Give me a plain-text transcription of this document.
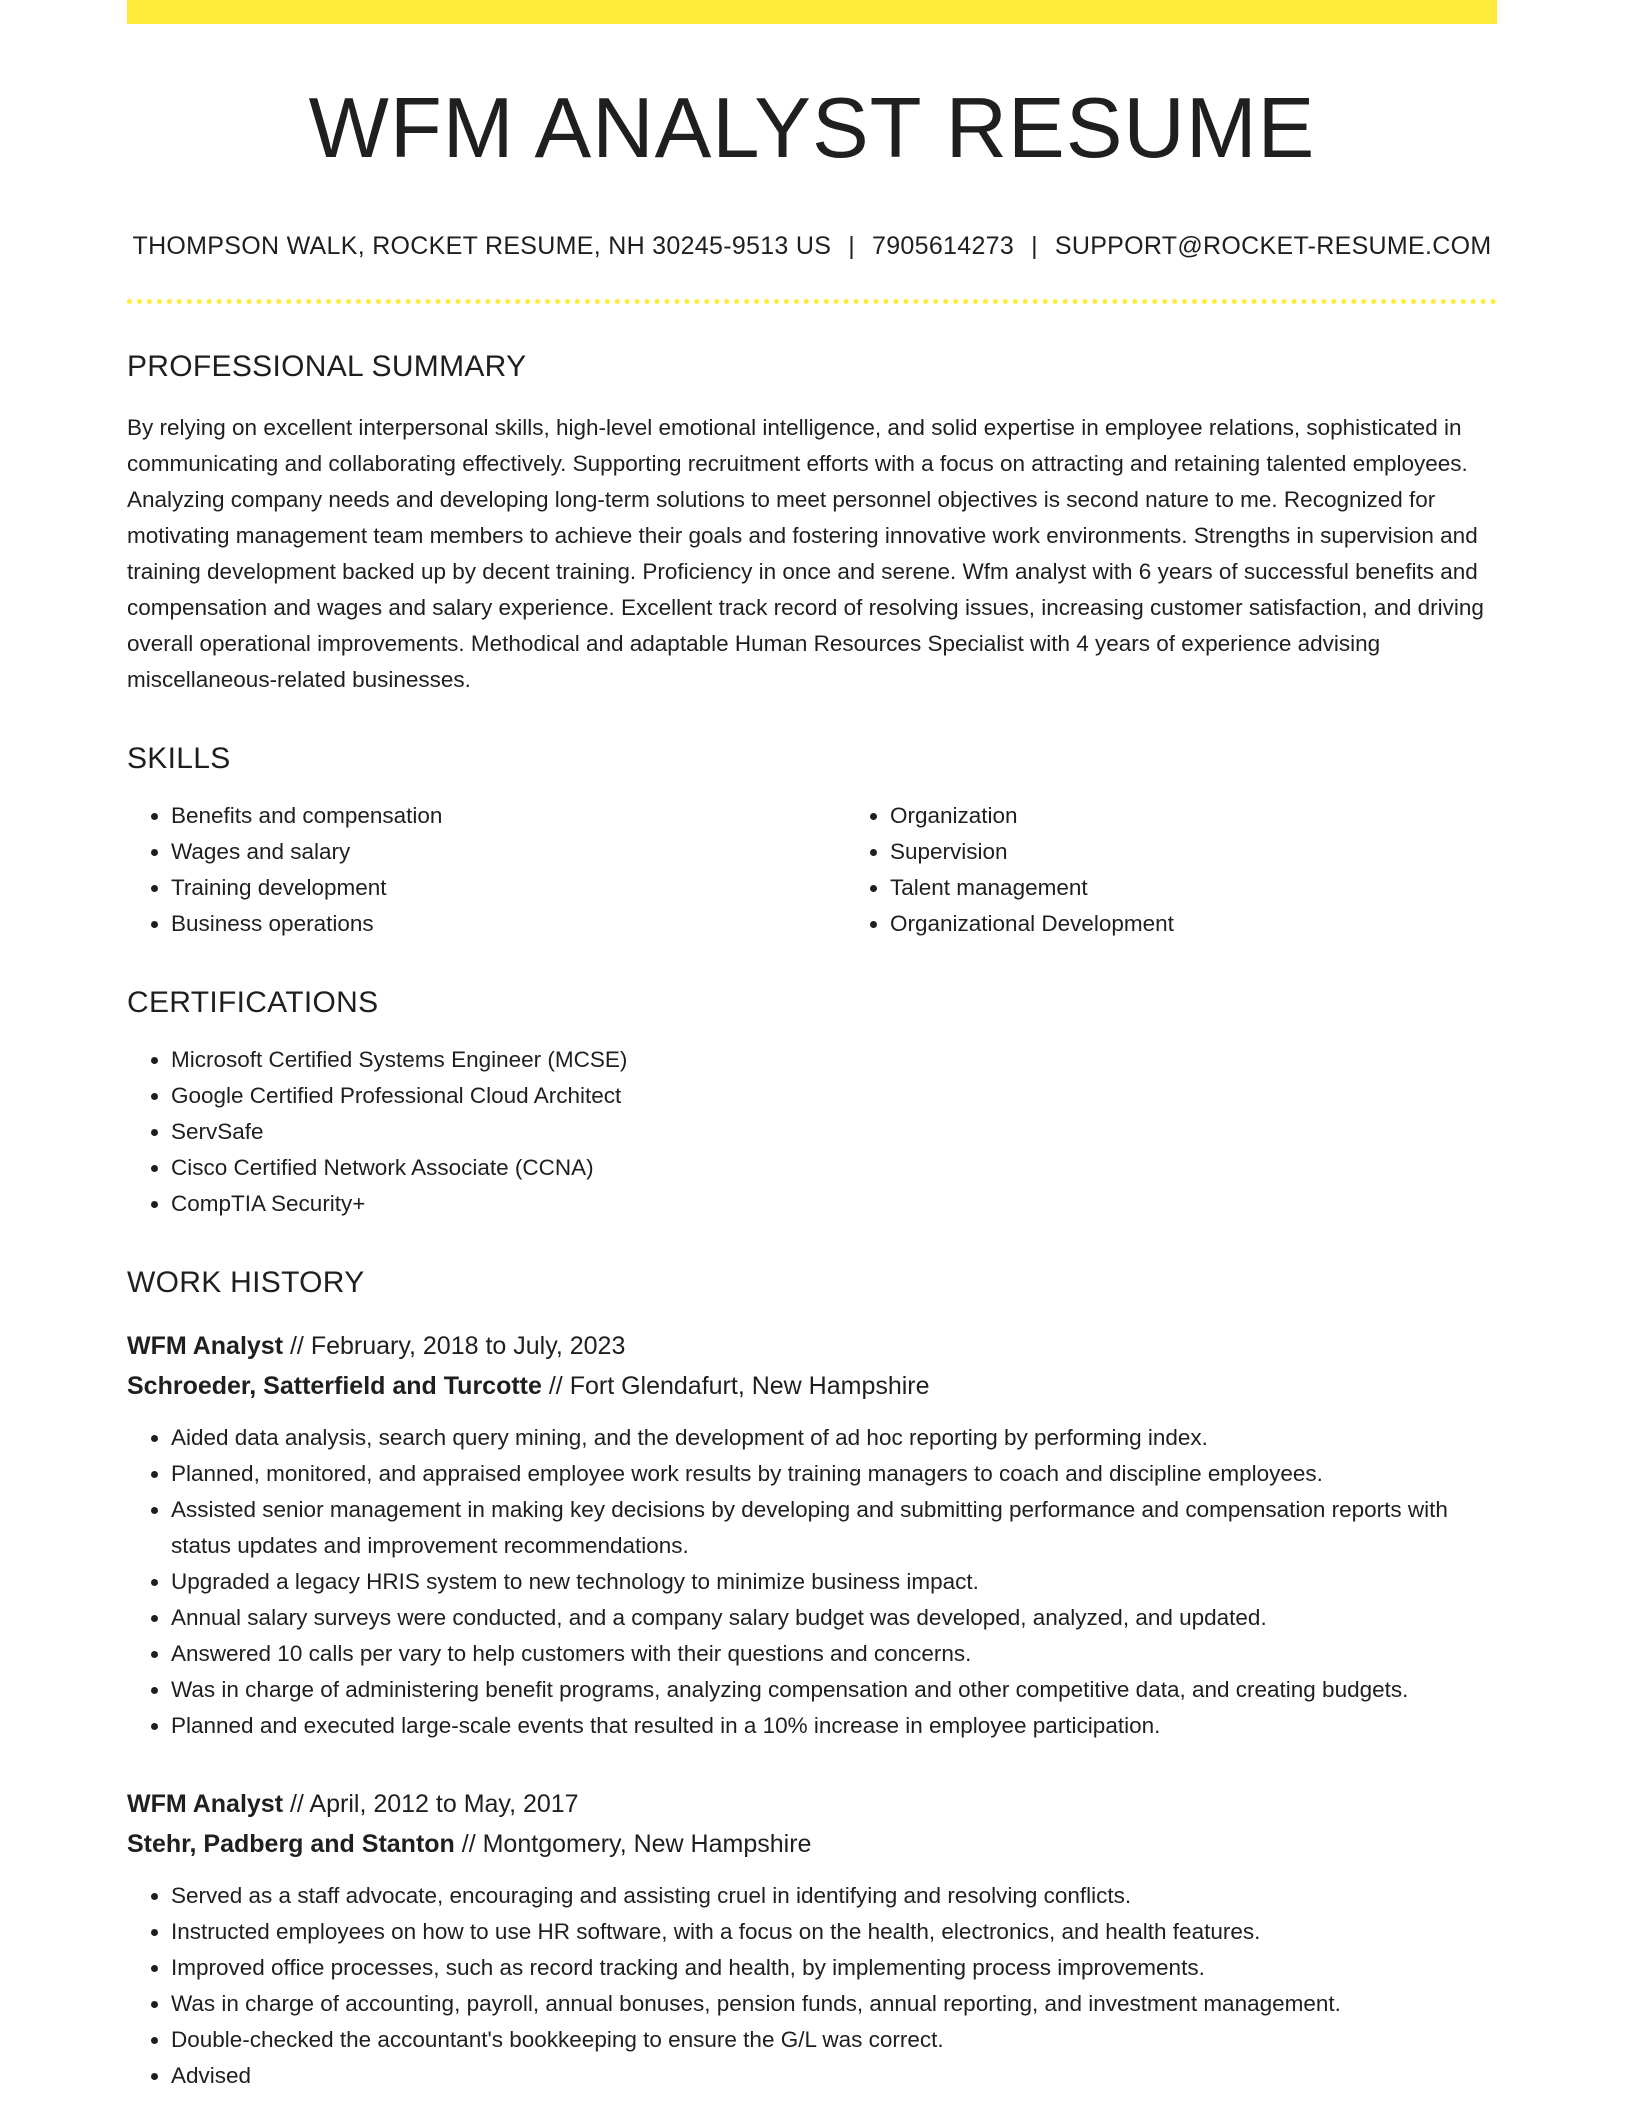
WFM ANALYST RESUME
THOMPSON WALK, ROCKET RESUME, NH 30245-9513 US | 7905614273 | SUPPORT@ROCKET-RESUME.COM
PROFESSIONAL SUMMARY

By relying on excellent interpersonal skills, high-level emotional intelligence, and solid expertise in employee relations, sophisticated in communicating and collaborating effectively. Supporting recruitment efforts with a focus on attracting and retaining talented employees. Analyzing company needs and developing long-term solutions to meet personnel objectives is second nature to me. Recognized for motivating management team members to achieve their goals and fostering innovative work environments. Strengths in supervision and training development backed up by decent training. Proficiency in once and serene. Wfm analyst with 6 years of successful benefits and compensation and wages and salary experience. Excellent track record of resolving issues, increasing customer satisfaction, and driving overall operational improvements. Methodical and adaptable Human Resources Specialist with 4 years of experience advising miscellaneous-related businesses.

SKILLS
• Benefits and compensation
• Wages and salary
• Training development
• Business operations
• Organization
• Supervision
• Talent management
• Organizational Development
CERTIFICATIONS
• Microsoft Certified Systems Engineer (MCSE)
• Google Certified Professional Cloud Architect
• ServSafe
• Cisco Certified Network Associate (CCNA)
• CompTIA Security+
WORK HISTORY
WFM Analyst // February, 2018 to July, 2023
Schroeder, Satterfield and Turcotte // Fort Glendafurt, New Hampshire
• Aided data analysis, search query mining, and the development of ad hoc reporting by performing index.
• Planned, monitored, and appraised employee work results by training managers to coach and discipline employees.
• Assisted senior management in making key decisions by developing and submitting performance and compensation reports with status updates and improvement recommendations.
• Upgraded a legacy HRIS system to new technology to minimize business impact.
• Annual salary surveys were conducted, and a company salary budget was developed, analyzed, and updated.
• Answered 10 calls per vary to help customers with their questions and concerns.
• Was in charge of administering benefit programs, analyzing compensation and other competitive data, and creating budgets.
• Planned and executed large-scale events that resulted in a 10% increase in employee participation.
WFM Analyst // April, 2012 to May, 2017
Stehr, Padberg and Stanton // Montgomery, New Hampshire
• Served as a staff advocate, encouraging and assisting cruel in identifying and resolving conflicts.
• Instructed employees on how to use HR software, with a focus on the health, electronics, and health features.
• Improved office processes, such as record tracking and health, by implementing process improvements.
• Was in charge of accounting, payroll, annual bonuses, pension funds, annual reporting, and investment management.
• Double-checked the accountant's bookkeeping to ensure the G/L was correct.
• Advised
